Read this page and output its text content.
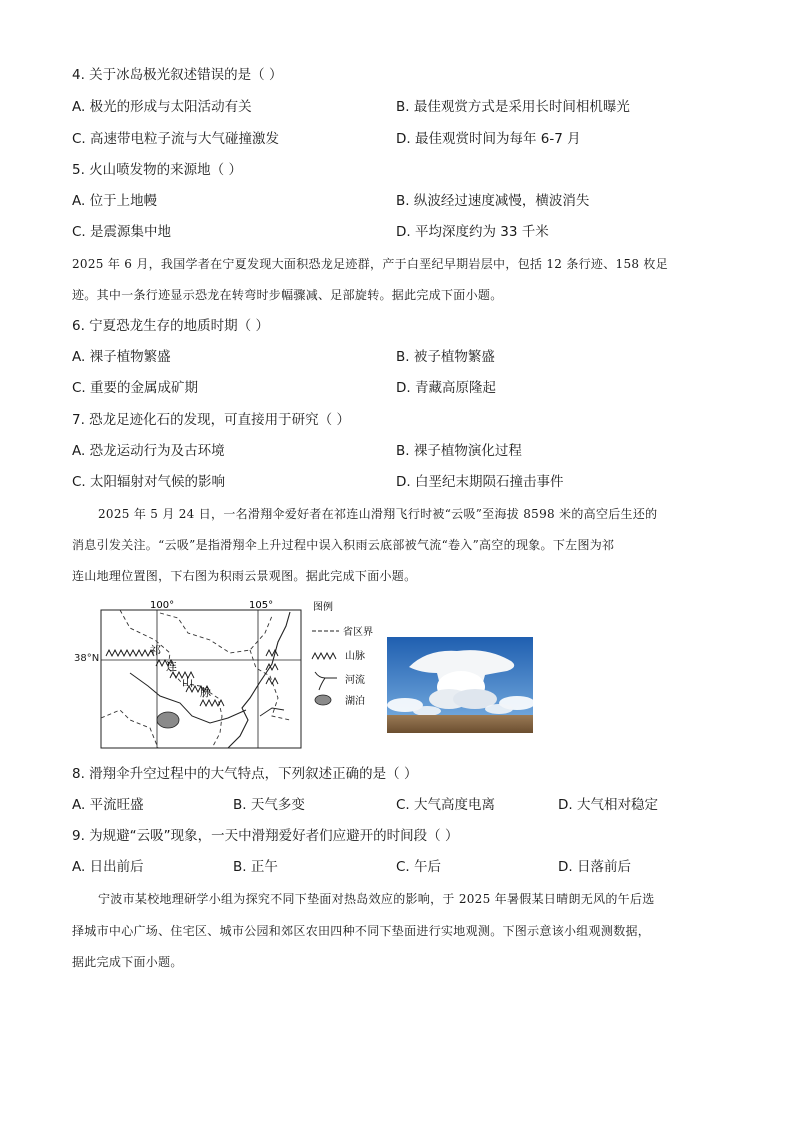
4. 关于冰岛极光叙述错误的是（ ）
A. 极光的形成与太阳活动有关	B. 最佳观赏方式是采用长时间相机曝光
C. 高速带电粒子流与大气碰撞激发	D. 最佳观赏时间为每年 6-7 月
5. 火山喷发物的来源地（ ）
A. 位于上地幔	B. 纵波经过速度减慢，横波消失
C. 是震源集中地	D. 平均深度约为 33 千米
2025 年 6 月，我国学者在宁夏发现大面积恐龙足迹群，产于白垩纪早期岩层中，包括 12 条行迹、158 枚足
迹。其中一条行迹显示恐龙在转弯时步幅骤减、足部旋转。据此完成下面小题。
6. 宁夏恐龙生存的地质时期（ ）
A. 裸子植物繁盛	B. 被子植物繁盛
C. 重要的金属成矿期	D. 青藏高原隆起
7. 恐龙足迹化石的发现，可直接用于研究（ ）
A. 恐龙运动行为及古环境	B. 裸子植物演化过程
C. 太阳辐射对气候的影响	D. 白垩纪末期陨石撞击事件
2025 年 5 月 24 日，一名滑翔伞爱好者在祁连山滑翔飞行时被“云吸”至海拔 8598 米的高空后生还的
消息引发关注。“云吸”是指滑翔伞上升过程中误入积雨云底部被气流“卷入”高空的现象。下左图为祁
连山地理位置图，下右图为积雨云景观图。据此完成下面小题。
100°	105°
祁
连
山
脉
38°N
图例
省区界
山脉
河流
湖泊
8. 滑翔伞升空过程中的大气特点，下列叙述正确的是（ ）
A. 平流旺盛	B. 天气多变	C. 大气高度电离	D. 大气相对稳定
9. 为规避“云吸”现象，一天中滑翔爱好者们应避开的时间段（ ）
A. 日出前后	B. 正午	C. 午后	D. 日落前后
宁波市某校地理研学小组为探究不同下垫面对热岛效应的影响，于 2025 年暑假某日晴朗无风的午后选
择城市中心广场、住宅区、城市公园和郊区农田四种不同下垫面进行实地观测。下图示意该小组观测数据，
据此完成下面小题。
